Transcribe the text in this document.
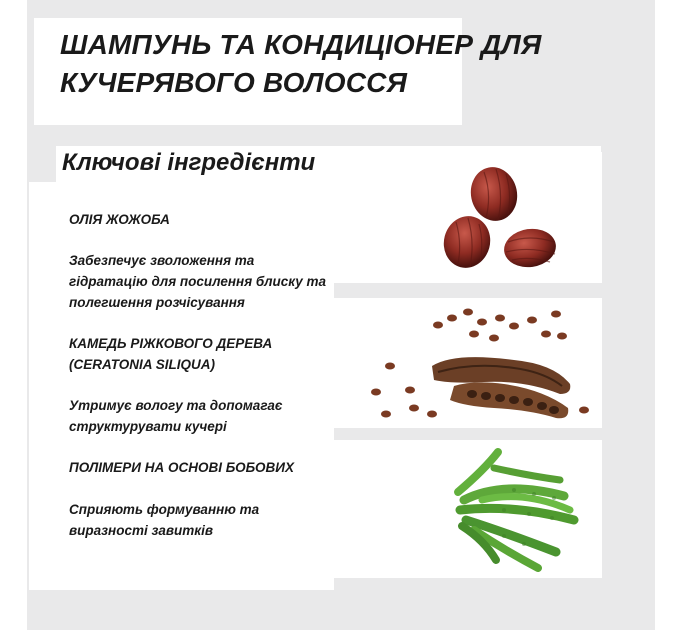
ШАМПУНЬ ТА КОНДИЦІОНЕР ДЛЯ КУЧЕРЯВОГО ВОЛОССЯ
Ключові інгредієнти
ОЛІЯ ЖОЖОБА
Забезпечує зволоження та гідратацію для посилення блиску та полегшення розчісування
КАМЕДЬ РІЖКОВОГО ДЕРЕВА (CERATONIA SILIQUA)
Утримує вологу та допомагає структурувати кучері
ПОЛІМЕРИ НА ОСНОВІ БОБОВИХ
Сприяють формуванню та виразності завитків
